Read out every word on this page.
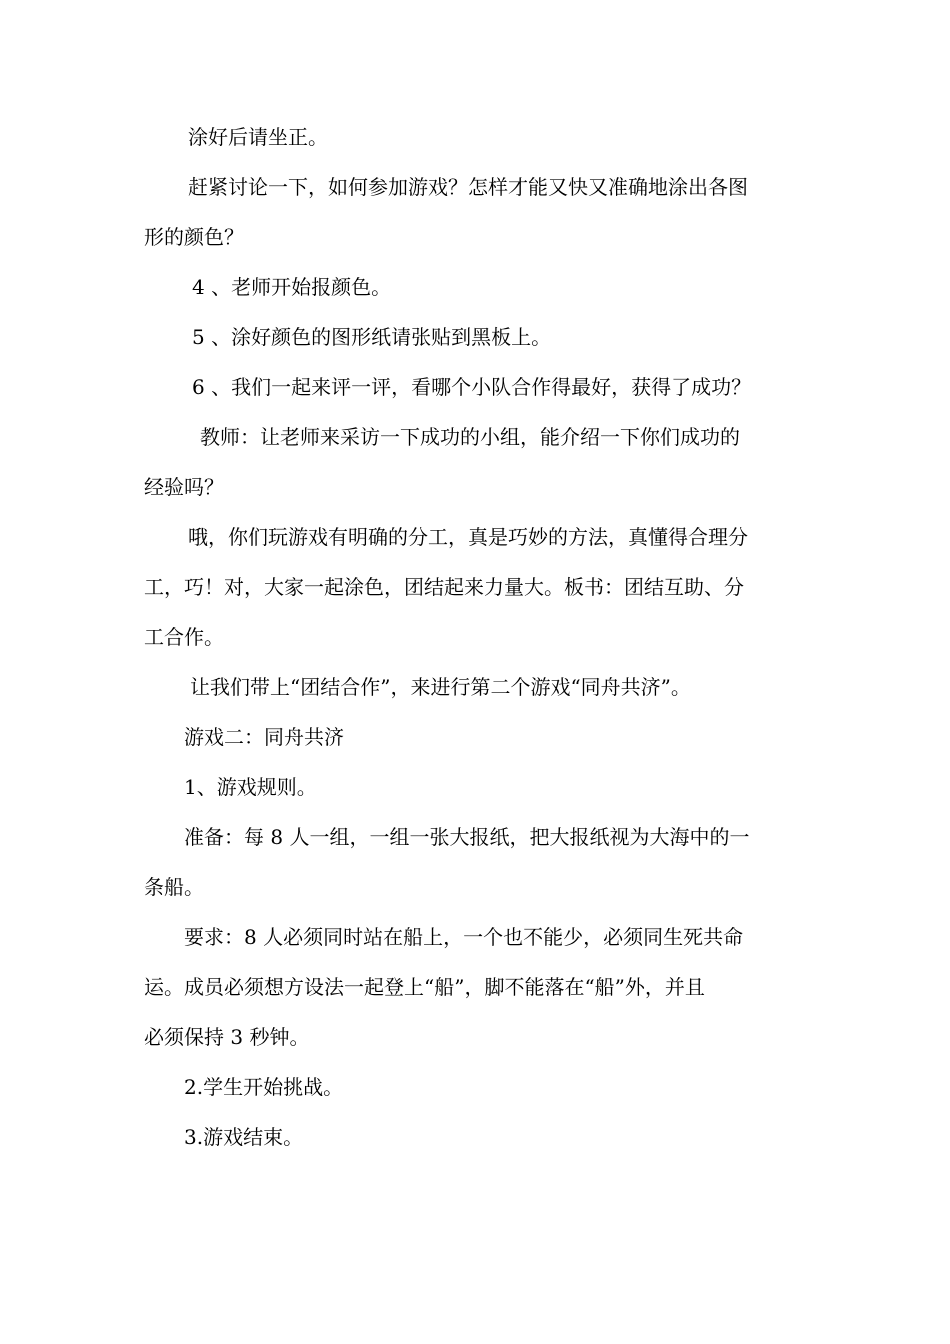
涂好后请坐正。
赶紧讨论一下，如何参加游戏？怎样才能又快又准确地涂出各图
形的颜色？
4 、老师开始报颜色。
5 、涂好颜色的图形纸请张贴到黑板上。
6 、我们一起来评一评，看哪个小队合作得最好，获得了成功？
教师：让老师来采访一下成功的小组，能介绍一下你们成功的
经验吗？
哦，你们玩游戏有明确的分工，真是巧妙的方法，真懂得合理分
工，巧！对，大家一起涂色，团结起来力量大。板书：团结互助、分
工合作。
让我们带上“团结合作”，来进行第二个游戏“同舟共济”。
游戏二：同舟共济
1、游戏规则。
准备：每 8 人一组，一组一张大报纸，把大报纸视为大海中的一
条船。
要求：8 人必须同时站在船上，一个也不能少，必须同生死共命
运。成员必须想方设法一起登上“船”，脚不能落在“船”外，并且
必须保持 3 秒钟。
2.学生开始挑战。
3.游戏结束。
